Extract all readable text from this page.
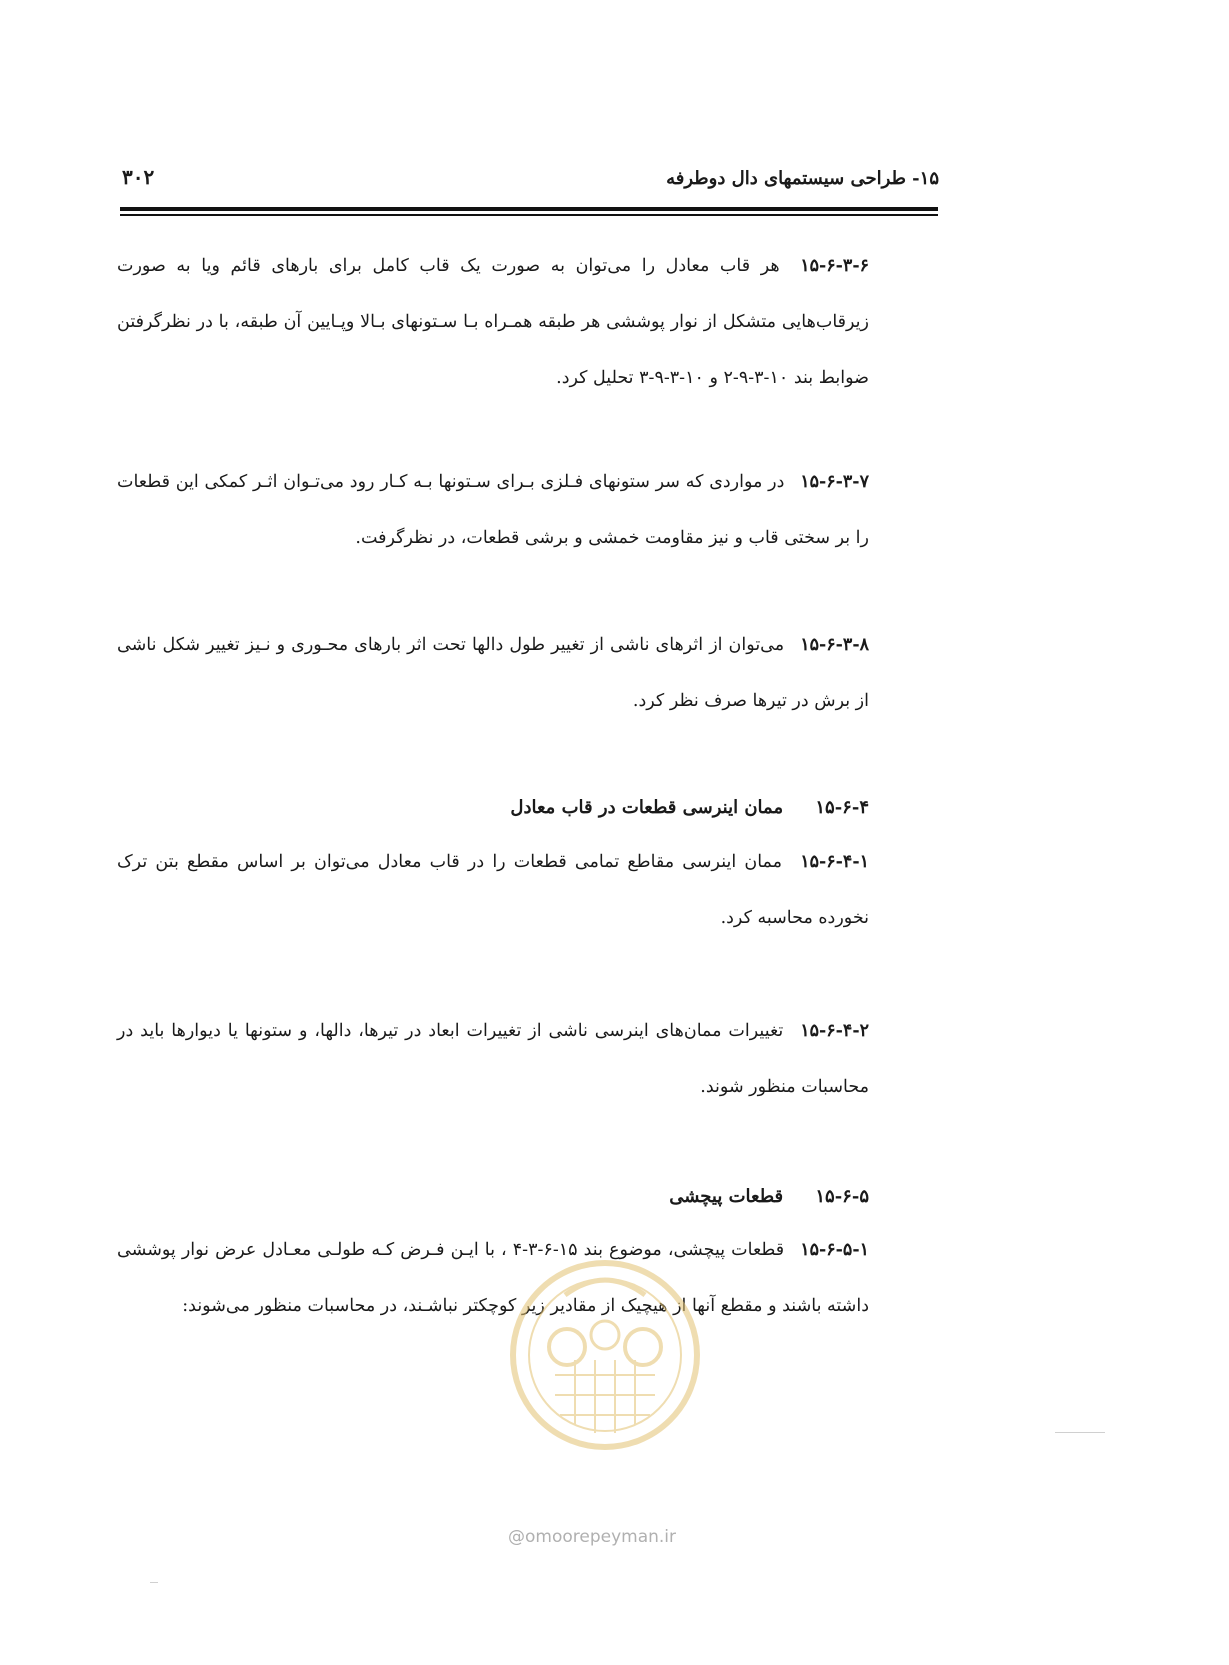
۱۵- طراحی سیستمهای دال دوطرفه
۳۰۲
۱۵-۶-۳-۶ هر قاب معادل را می‌توان به صورت یک قاب کامل برای بارهای قائم ویا به صورت زیرقاب‌هایی متشکل از نوار پوششی هر طبقه همـراه بـا سـتونهای بـالا وپـایین آن طبقه، با در نظرگرفتن ضوابط بند ۱۰-۳-۹-۲ و ۱۰-۳-۹-۳ تحلیل کرد.
۱۵-۶-۳-۷ در مواردی که سر ستونهای فـلزی بـرای سـتونها بـه کـار رود می‌تـوان اثـر کمکی این قطعات را بر سختی قاب و نیز مقاومت خمشی و برشی قطعات، در نظرگرفت.
۱۵-۶-۳-۸ می‌توان از اثرهای ناشی از تغییر طول دالها تحت اثر بارهای محـوری و نـیز تغییر شکل ناشی از برش در تیرها صرف نظر کرد.
۱۵-۶-۴ ممان اینرسی قطعات در قاب معادل
۱۵-۶-۴-۱ ممان اینرسی مقاطع تمامی قطعات را در قاب معادل می‌توان بر اساس مقطع بتن ترک نخورده محاسبه کرد.
۱۵-۶-۴-۲ تغییرات ممان‌های اینرسی ناشی از تغییرات ابعاد در تیرها، دالها، و ستونها یا دیوارها باید در محاسبات منظور شوند.
۱۵-۶-۵ قطعات پیچشی
۱۵-۶-۵-۱ قطعات پیچشی، موضوع بند ۱۵-۶-۳-۴ ، با ایـن فـرض کـه طولـی معـادل عرض نوار پوششی داشته باشند و مقطع آنها از هیچیک از مقادیر زیر کوچکتر نباشـند، در محاسبات منظور می‌شوند:
@omoorepeyman.ir
